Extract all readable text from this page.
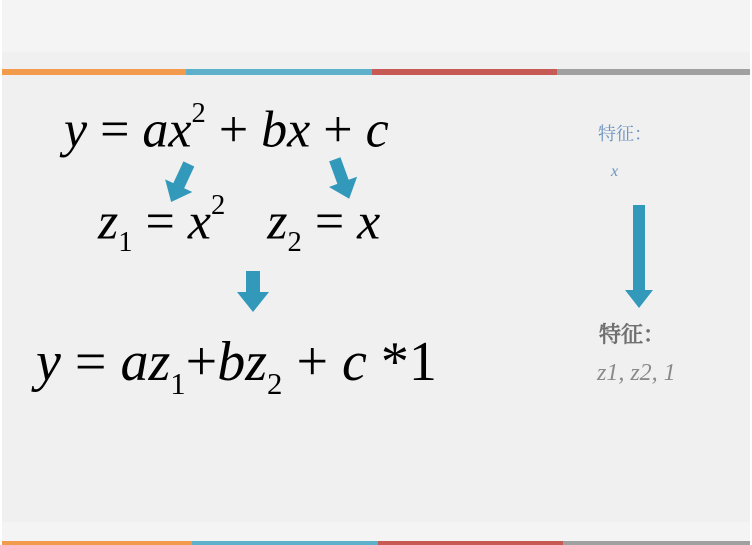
$y = ax^2$ + bx + c
$z_1 = x^2$ $z_2 = x$
$y = az_1+bz_2 + c$ *1
特征：
x
特征：
z1, z2, 1
